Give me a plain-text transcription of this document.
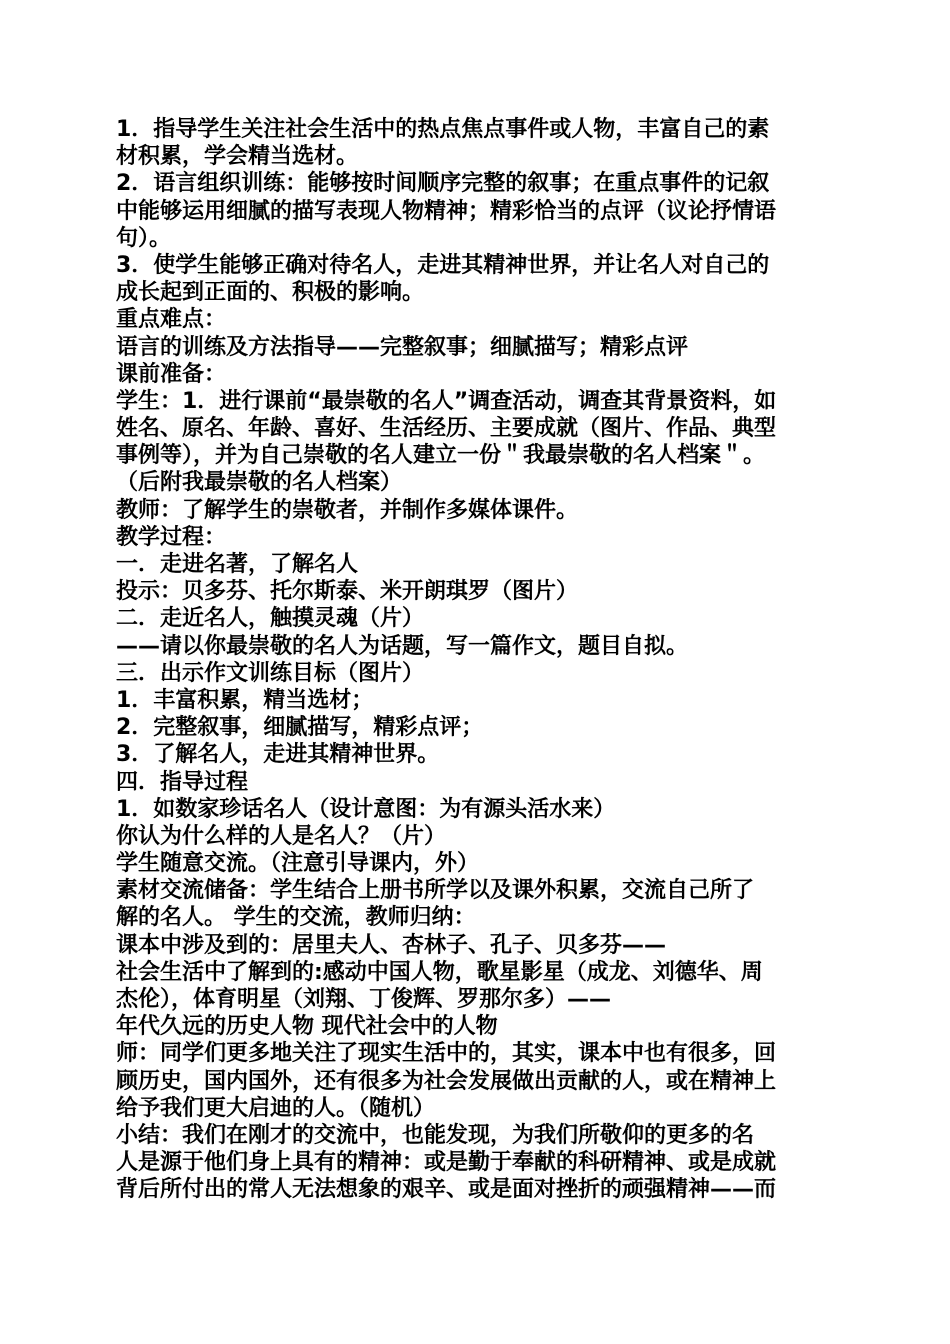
1．指导学生关注社会生活中的热点焦点事件或人物，丰富自己的素
材积累，学会精当选材。
2．语言组织训练：能够按时间顺序完整的叙事；在重点事件的记叙
中能够运用细腻的描写表现人物精神；精彩恰当的点评（议论抒情语
句）。
3．使学生能够正确对待名人，走进其精神世界，并让名人对自己的
成长起到正面的、积极的影响。
重点难点：
语言的训练及方法指导——完整叙事；细腻描写；精彩点评
课前准备：
学生：1．进行课前“最崇敬的名人”调查活动，调查其背景资料，如
姓名、原名、年龄、喜好、生活经历、主要成就（图片、作品、典型
事例等），并为自己崇敬的名人建立一份＂我最崇敬的名人档案＂。
（后附我最崇敬的名人档案）
教师：了解学生的崇敬者，并制作多媒体课件。
教学过程：
一．走进名著，了解名人
投示：贝多芬、托尔斯泰、米开朗琪罗（图片）
二．走近名人，触摸灵魂（片）
——请以你最崇敬的名人为话题，写一篇作文，题目自拟。
三．出示作文训练目标（图片）
1．丰富积累，精当选材；
2．完整叙事，细腻描写，精彩点评；
3．了解名人，走进其精神世界。
四．指导过程
1．如数家珍话名人（设计意图：为有源头活水来）
你认为什么样的人是名人？（片）
学生随意交流。（注意引导课内，外）
素材交流储备：学生结合上册书所学以及课外积累，交流自己所了
解的名人。 学生的交流，教师归纳：
课本中涉及到的：居里夫人、杏林子、孔子、贝多芬——
社会生活中了解到的:感动中国人物，歌星影星（成龙、刘德华、周
杰伦），体育明星（刘翔、丁俊辉、罗那尔多）——
年代久远的历史人物 现代社会中的人物
师：同学们更多地关注了现实生活中的，其实，课本中也有很多，回
顾历史，国内国外，还有很多为社会发展做出贡献的人，或在精神上
给予我们更大启迪的人。（随机）
小结：我们在刚才的交流中，也能发现，为我们所敬仰的更多的名
人是源于他们身上具有的精神：或是勤于奉献的科研精神、或是成就
背后所付出的常人无法想象的艰辛、或是面对挫折的顽强精神——而
